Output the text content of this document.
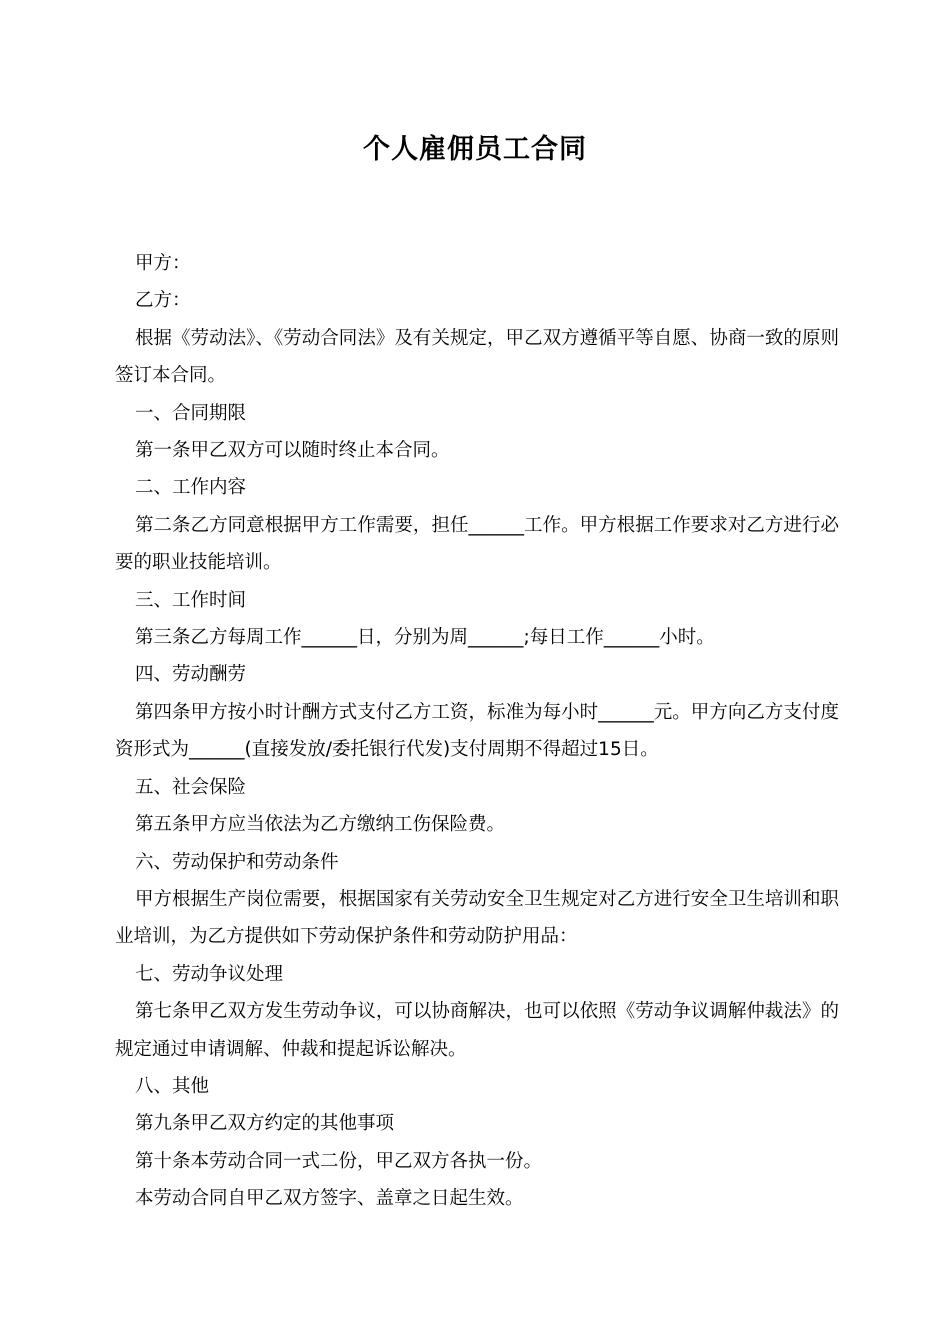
个人雇佣员工合同

甲方：

乙方：

根据《劳动法》、《劳动合同法》及有关规定，甲乙双方遵循平等自愿、协商一致的原则签订本合同。

一、合同期限

第一条甲乙双方可以随时终止本合同。

二、工作内容

第二条乙方同意根据甲方工作需要，担任______工作。甲方根据工作要求对乙方进行必要的职业技能培训。

三、工作时间

第三条乙方每周工作______日，分别为周______;每日工作______小时。

四、劳动酬劳

第四条甲方按小时计酬方式支付乙方工资，标准为每小时______元。甲方向乙方支付度资形式为______(直接发放/委托银行代发)支付周期不得超过15日。

五、社会保险

第五条甲方应当依法为乙方缴纳工伤保险费。

六、劳动保护和劳动条件

甲方根据生产岗位需要，根据国家有关劳动安全卫生规定对乙方进行安全卫生培训和职业培训，为乙方提供如下劳动保护条件和劳动防护用品：

七、劳动争议处理

第七条甲乙双方发生劳动争议，可以协商解决，也可以依照《劳动争议调解仲裁法》的规定通过申请调解、仲裁和提起诉讼解决。

八、其他

第九条甲乙双方约定的其他事项

第十条本劳动合同一式二份，甲乙双方各执一份。

本劳动合同自甲乙双方签字、盖章之日起生效。
